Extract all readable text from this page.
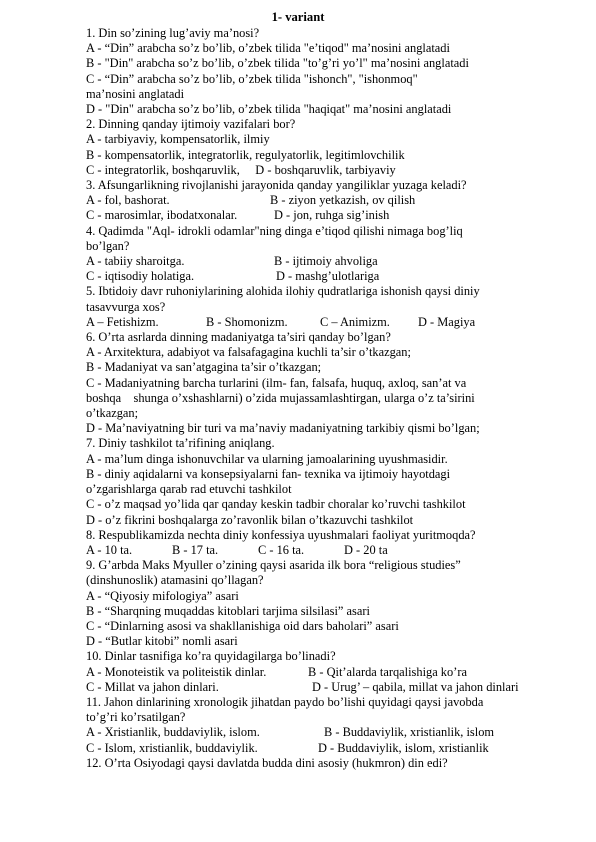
1- variant
1. Din so’zining lug’aviy ma’nosi?
A - “Din” arabcha so’z bo’lib, o’zbek tilida "e’tiqod" ma’nosini anglatadi
B - "Din" arabcha so’z bo’lib, o’zbek tilida "to’g’ri yo’l" ma’nosini anglatadi
C - “Din” arabcha so’z bo’lib, o’zbek tilida "ishonch", "ishonmoq"
ma’nosini anglatadi
D - "Din" arabcha so’z bo’lib, o’zbek tilida "haqiqat" ma’nosini anglatadi
2. Dinning qanday ijtimoiy vazifalari bor?
A - tarbiyaviy, kompensatorlik, ilmiy
B - kompensatorlik, integratorlik, regulyatorlik, legitimlovchilik
C - integratorlik, boshqaruvlik,     D - boshqaruvlik, tarbiyaviy
3. Afsungarlikning rivojlanishi jarayonida qanday yangiliklar yuzaga keladi?
A - fol, bashorat.	B - ziyon yetkazish, ov qilish
C - marosimlar, ibodatxonalar.	D - jon, ruhga sig’inish
4. Qadimda "Aql- idrokli odamlar"ning dinga e’tiqod qilishi nimaga bog’liq
bo’lgan?
A - tabiiy sharoitga.	B - ijtimoiy ahvoliga
C - iqtisodiy holatiga.	D - mashg’ulotlariga
5. Ibtidoiy davr ruhoniylarining alohida ilohiy qudratlariga ishonish qaysi diniy
tasavvurga xos?
A – Fetishizm.	B - Shomonizm.	C – Animizm.	D - Magiya
6. O’rta asrlarda dinning madaniyatga ta’siri qanday bo’lgan?
A - Arxitektura, adabiyot va falsafagagina kuchli ta’sir o’tkazgan;
B - Madaniyat va san’atgagina ta’sir o’tkazgan;
C - Madaniyatning barcha turlarini (ilm- fan, falsafa, huquq, axloq, san’at va
boshqa    shunga o’xshashlarni) o’zida mujassamlashtirgan, ularga o’z ta’sirini
o’tkazgan;
D - Ma’naviyatning bir turi va ma’naviy madaniyatning tarkibiy qismi bo’lgan;
7. Diniy tashkilot ta’rifining aniqlang.
A - ma’lum dinga ishonuvchilar va ularning jamoalarining uyushmasidir.
B - diniy aqidalarni va konsepsiyalarni fan- texnika va ijtimoiy hayotdagi
o’zgarishlarga qarab rad etuvchi tashkilot
C - o’z maqsad yo’lida qar qanday keskin tadbir choralar ko’ruvchi tashkilot
D - o’z fikrini boshqalarga zo’ravonlik bilan o’tkazuvchi tashkilot
8. Respublikamizda nechta diniy konfessiya uyushmalari faoliyat yuritmoqda?
A - 10 ta.	B - 17 ta.	C - 16 ta.	D - 20 ta
9. G’arbda Maks Myuller o’zining qaysi asarida ilk bora “religious studies”
(dinshunoslik) atamasini qo’llagan?
A - “Qiyosiy mifologiya” asari
B - “Sharqning muqaddas kitoblari tarjima silsilasi” asari
C - “Dinlarning asosi va shakllanishiga oid dars baholari” asari
D - “Butlar kitobi” nomli asari
10. Dinlar tasnifiga ko’ra quyidagilarga bo’linadi?
A - Monoteistik va politeistik dinlar.	B - Qit’alarda tarqalishiga ko’ra
C - Millat va jahon dinlari.	D - Urug’ – qabila, millat va jahon dinlari
11. Jahon dinlarining xronologik jihatdan paydo bo’lishi quyidagi qaysi javobda
to’g’ri ko’rsatilgan?
A - Xristianlik, buddaviylik, islom.	B - Buddaviylik, xristianlik, islom
C - Islom, xristianlik, buddaviylik.	D - Buddaviylik, islom, xristianlik
12. O’rta Osiyodagi qaysi davlatda budda dini asosiy (hukmron) din edi?
